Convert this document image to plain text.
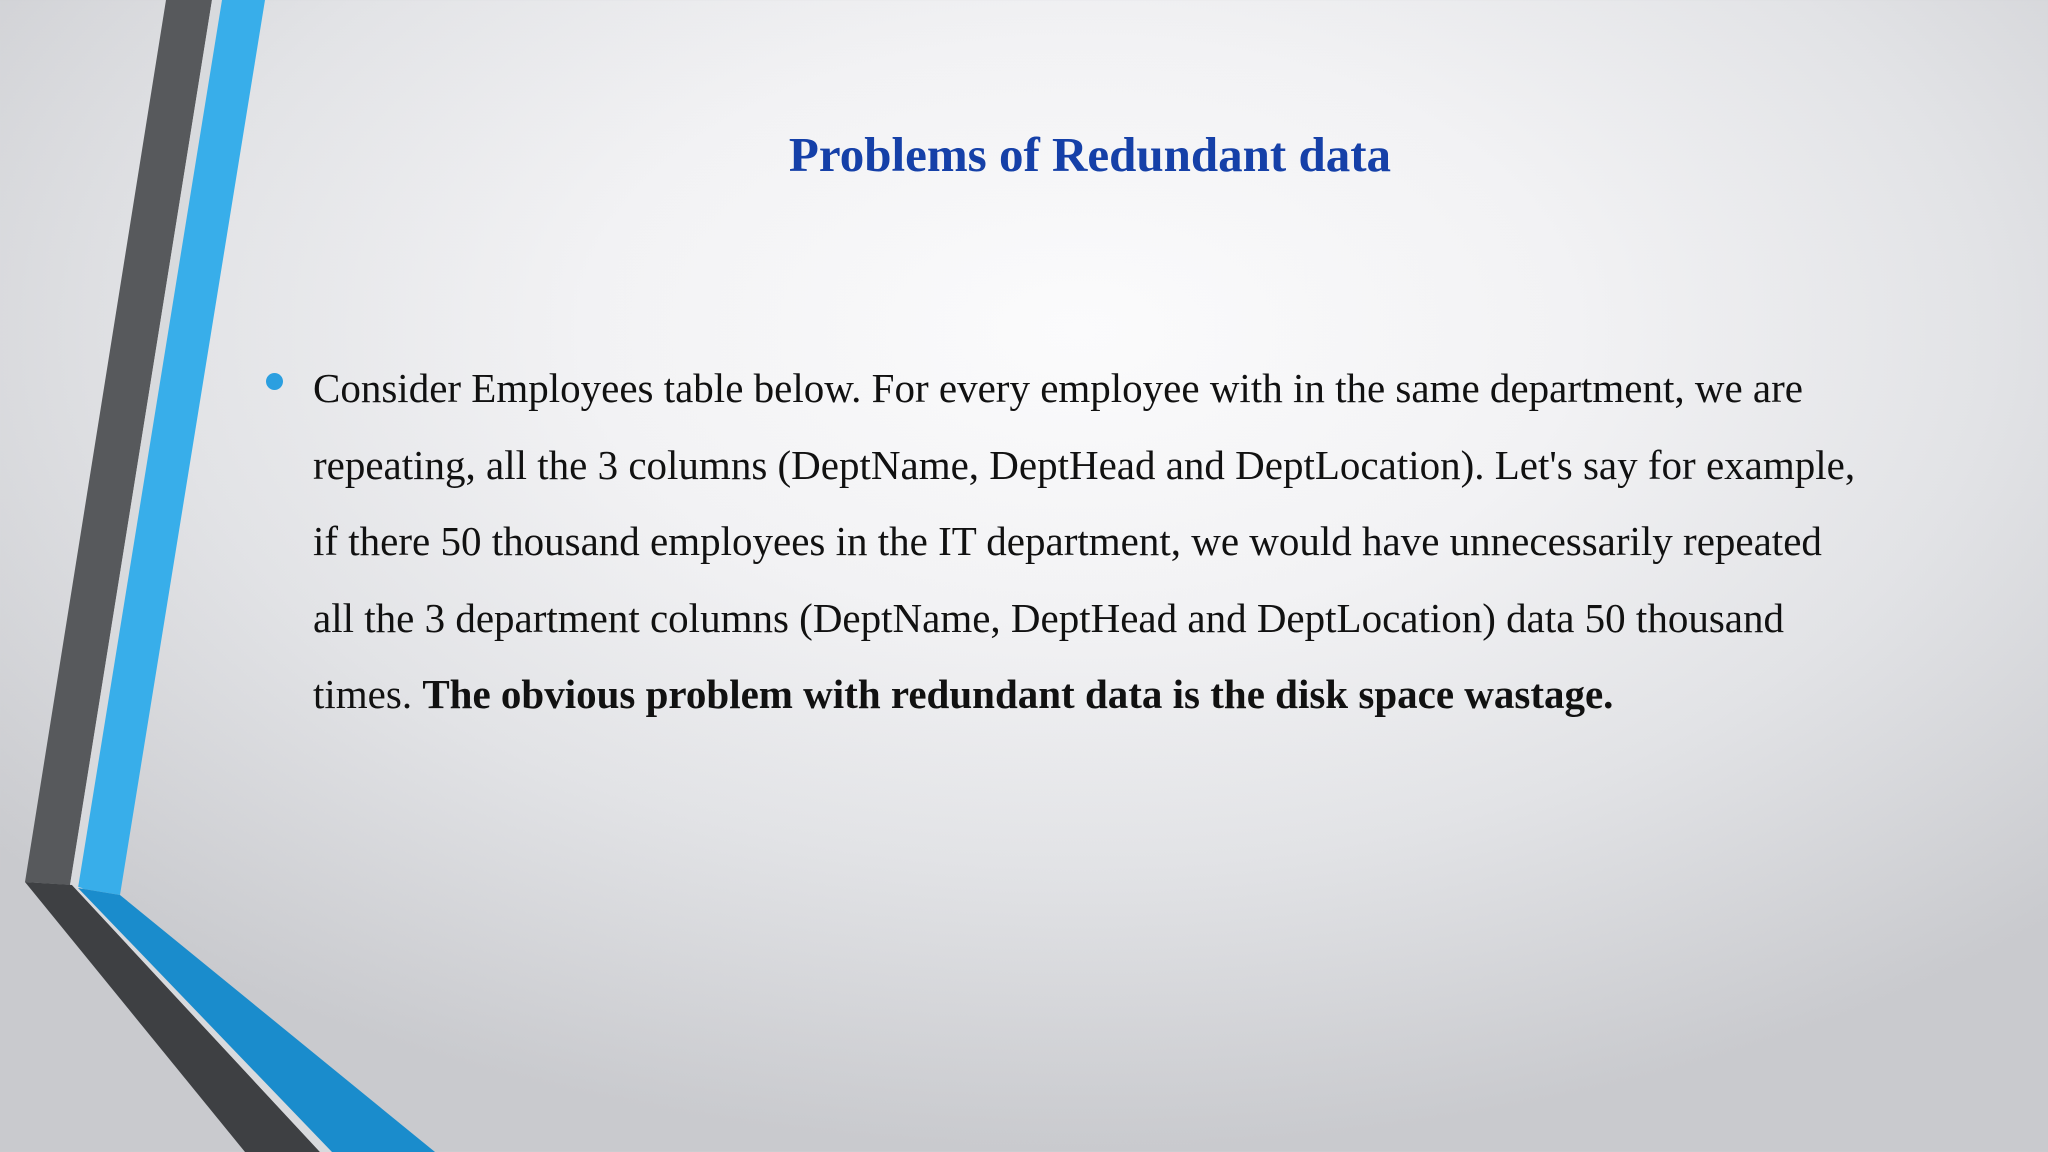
Problems of Redundant data
Consider Employees table below. For every employee with in the same department, we are
repeating, all the 3 columns (DeptName, DeptHead and DeptLocation). Let's say for example,
if there 50 thousand employees in the IT department, we would have unnecessarily repeated
all the 3 department columns (DeptName, DeptHead and DeptLocation) data 50 thousand
times. The obvious problem with redundant data is the disk space wastage.
